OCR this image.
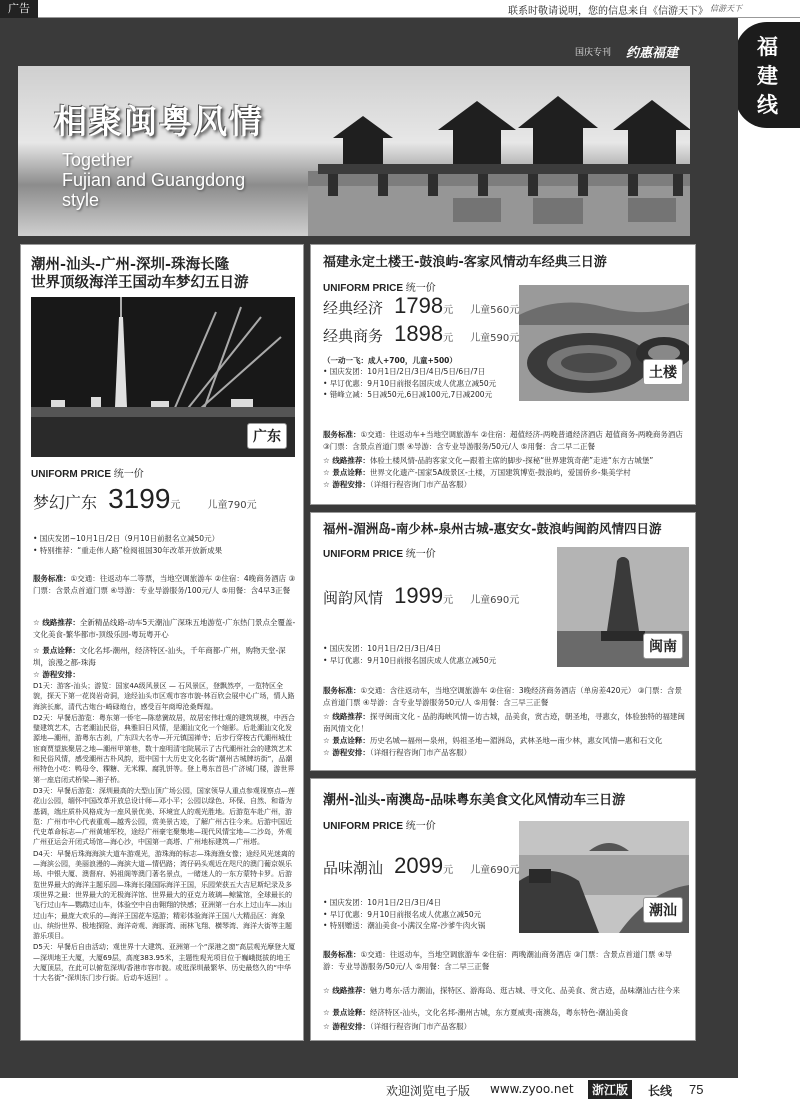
广告	联系时敬请说明，您的信息来自《信游天下》 信游天下
福
建
线
国庆专刊 约惠福建
相聚闽粤风情
Together
Fujian and Guangdong
style
潮州-汕头-广州-深圳-珠海长隆
世界顶级海洋王国动车梦幻五日游
广东
UNIFORM PRICE 统一价
梦幻广东 3199元	儿童790元
• 国庆发团~10月1日/2日（9月10日前报名立减50元）
• 特别推荐：“重走伟人路”检阅祖国30年改革开放新成果
服务标准：①交通：往返动车二等票，当地空调旅游车 ②住宿：4晚商务酒店 ③门票：含景点首道门票 ④导游：专业导游服务/100元/人 ⑤用餐：含4早3正餐
☆ 线路推荐：全新精品线路-动车5天潮汕广深珠五地游览-广东热门景点全覆盖-文化美食-繁华都市-顶级乐园-粤玩粤开心
☆ 景点诠释：文化名邦-潮州，经济特区-汕头，千年商都-广州，购物天堂-深圳，浪漫之都-珠海
☆ 游程安排：

D1天：游客-汕头；游览：国家4A级风景区 — 石风景区，登飘然亭，一览特区全貌，探天下第一花岗岩奇洞，途经汕头市区观市容市貌-林百欣会展中心广场，情人路海滨长廊，清代古炮台-崎碌炮台，感受百年商埠沧桑辉煌。

D2天：早餐后游览：粤东第一侨宅—陈慈黉故居，故居宏伟壮观的建筑规模，中西合璧建筑艺术，古老潮汕民俗，典雅旧日风情，是潮汕文化一个缩影。后赴潮汕文化发源地—潮州，游粤东古刹，广东四大名寺—开元镇国禅寺；后步行穿梭古代潮州城仕宦商贾望族聚居之地—潮州甲第巷，数十座明清宅院展示了古代潮州社会的建筑艺术和民俗风情，感受潮州古朴风韵，逛中国十大历史文化名街“潮州古城牌坊街”，品潮州特色小吃：鸭母令、粿糖、无米粿、腐乳饼等。登上粤东首邑-广济城门楼，游世界第一座启闭式桥梁—湘子桥。

D3天：早餐后游览：深圳最高的大型山顶广场公园，国家领导人重点参观视察点—莲花山公园，缅怀中国改革开放总设计师—邓小平；公园以绿色、环保、自然、和谐为基调，端庄质朴风格成为一座风景优美、环境宜人的观光胜地。后游览车赴广州，游览：广州市中心代表重观—越秀公园，赏美景古迹，了解广州古往今来。后游中国近代史革命标志—广州黄埔军校，途经广州豪宅聚集地—现代风情宝地—二沙岛，外观广州亚运会开闭式场馆—海心沙，中国第一高塔、广州地标建筑—广州塔。

D4天：早餐后珠海海滨大道车游观光，游珠海的标志—珠海渔女像；途经风光迷离的—海滨公园，美丽浪漫的—海滨大道—情侣路；湾仔码头观近在咫尺的澳门葡京娱乐场、中银大厦、澳督府、妈祖阁等澳门著名景点，一睹迷人的一东方蒙特卡罗。后游览世界最大的海洋主题乐园—珠海长隆国际海洋王国，乐园荣获五大吉尼斯纪录及多项世界之最：世界最大的无极海洋馆、世界最大的亚克力玻璃—鲸鲨馆，全球最长的飞行过山车—鹦鹉过山车，体验空中自由翱翔的快感；亚洲第一台水上过山车—冰山过山车；最庞大欢乐的—海洋王国花车巡游；精彩体验海洋王国八大精品区：海象山、缤纷世界、极地探险、海洋奇观、海豚湾、雨林飞翔、横琴湾、海洋大街等主题游乐项目。

D5天：早餐后自由活动；观世界十大建筑、亚洲第一个“深港之窗”高层观光摩登大厦—深圳地王大厦，大厦69层，高度383.95米，主题性观光项目位于巍峨挺拔的地王大厦顶层，在此可以俯览深圳/香港市容市貌。或逛深圳最繁华、历史最悠久的“中华十大名街”-深圳东门步行街。后动车返回！。

福建永定土楼王-鼓浪屿-客家风情动车经典三日游
UNIFORM PRICE 统一价
经典经济 1798元 儿童560元
经典商务 1898元 儿童590元
（一动一飞：成人+700，儿童+500）
• 国庆发团：10月1日/2日/3日/4日/5日/6日/7日
• 早订优惠：9月10日前报名国庆成人优惠立减50元
• 错峰立减：5日减50元,6日减100元,7日减200元
土楼
服务标准：①交通：往返动车+当地空调旅游车 ②住宿：超值经济-两晚普通经济酒店 超值商务-两晚商务酒店 ③门票：含景点首道门票 ④导游：含专业导游服务/50元/人 ⑤用餐：含二早二正餐
☆ 线路推荐：体验土楼风情-品韵客家文化—跟着主席的脚步-探秘“世界建筑奇葩”走进“东方古城堡”
☆ 景点诠释：世界文化遗产-国家5A级景区-土楼，万国建筑博览-鼓浪屿，爱国侨乡-集美学村
☆ 游程安排：（详细行程咨询门市产品客服）
福州-湄洲岛-南少林-泉州古城-惠安女-鼓浪屿闽韵风情四日游
UNIFORM PRICE 统一价
闽韵风情 1999元 儿童690元
• 国庆发团：10月1日/2日/3日/4日
• 早订优惠：9月10日前报名国庆成人优惠立减50元
闽南
服务标准：①交通：含往返动车，当地空调旅游车 ②住宿：3晚经济商务酒店（单房差420元） ③门票：含景点首道门票 ④导游：含专业导游服务50元/人 ⑤用餐：含三早三正餐
☆ 线路推荐：探寻闽南文化 - 品韵海峡风情—访古城，品美食，赏古迹，朝圣地，寻惠女，体验独特的福建闽南风情文化！
☆ 景点诠释：历史名城—福州—泉州，妈祖圣地—湄洲岛，武林圣地—南少林，惠女风情—惠和石文化
☆ 游程安排：（详细行程咨询门市产品客服）
潮州-汕头-南澳岛-品味粤东美食文化风情动车三日游
UNIFORM PRICE 统一价
品味潮汕 2099元 儿童690元
• 国庆发团：10月1日/2日/3日/4日
• 早订优惠：9月10日前报名成人优惠立减50元
• 特别赠送：潮汕美食-小满汉全席-沙爹牛肉火锅
潮汕
服务标准：①交通：往返动车，当地空调旅游车 ②住宿：两晚潮汕商务酒店 ③门票：含景点首道门票 ④导游：专业导游服务/50元/人 ⑤用餐：含二早三正餐
☆ 线路推荐：魅力粤东-活力潮汕，探特区、游海岛、逛古城、寻文化、品美食、赏古迹，品味潮汕古往今来
☆ 景点诠释：经济特区-汕头，文化名邦-潮州古城，东方夏威夷-南澳岛，粤东特色-潮汕美食
☆ 游程安排：（详细行程咨询门市产品客服）
欢迎浏览电子版 www.zyoo.net	浙江版	长线 75
